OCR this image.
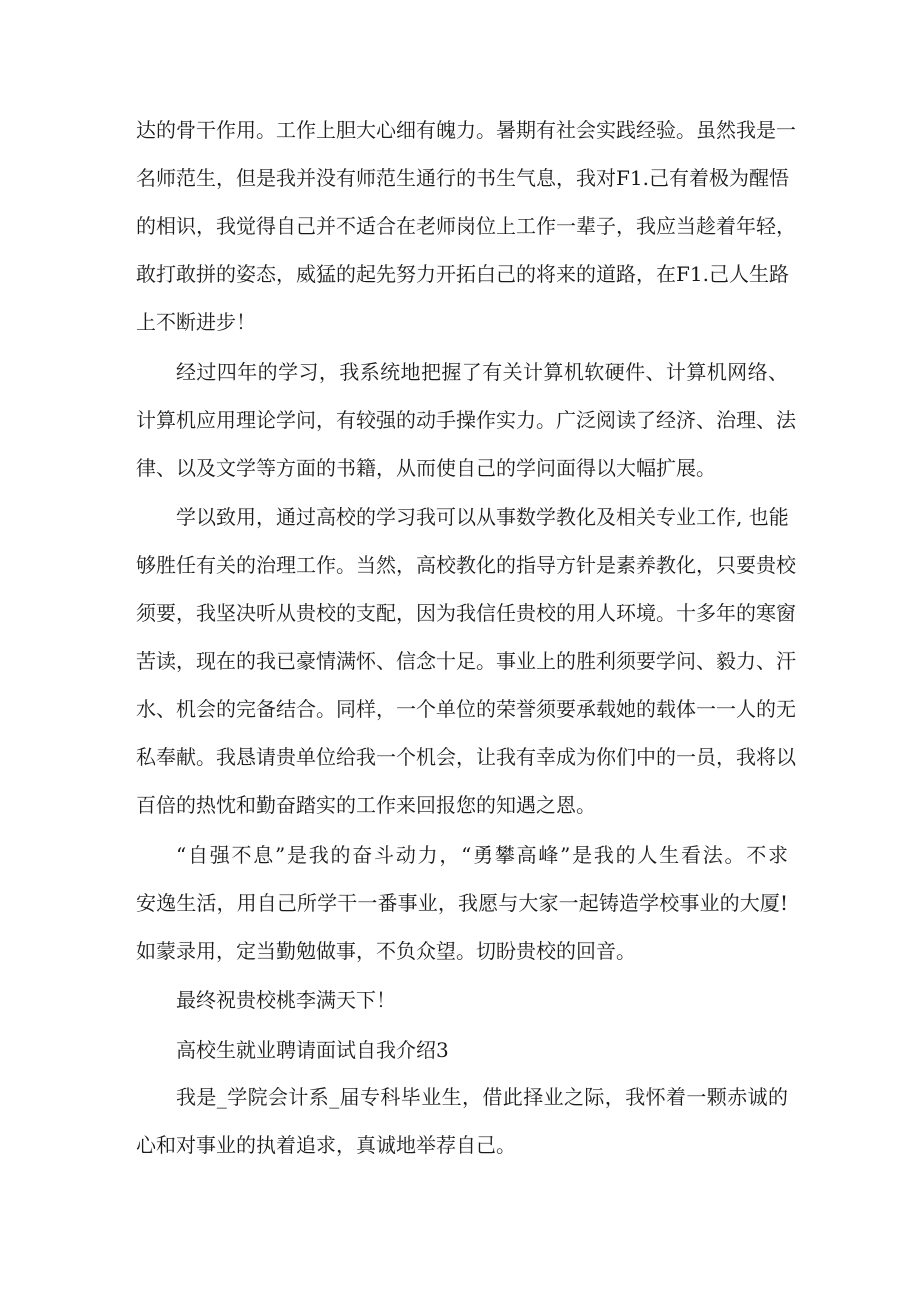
达的骨干作用。工作上胆大心细有魄力。暑期有社会实践经验。虽然我是一
名师范生，但是我并没有师范生通行的书生气息，我对F1.己有着极为醒悟
的相识，我觉得自己并不适合在老师岗位上工作一辈子，我应当趁着年轻，
敢打敢拼的姿态，威猛的起先努力开拓白己的将来的道路，在F1.己人生路
上不断进步！
经过四年的学习，我系统地把握了有关计算机软硬件、计算机网络、
计算机应用理论学问，有较强的动手操作实力。广泛阅读了经济、治理、法
律、以及文学等方面的书籍，从而使自己的学问面得以大幅扩展。
学以致用，通过高校的学习我可以从事数学教化及相关专业工作, 也能
够胜任有关的治理工作。当然，高校教化的指导方针是素养教化，只要贵校
须要，我坚决听从贵校的支配，因为我信任贵校的用人环境。十多年的寒窗
苦读，现在的我已豪情满怀、信念十足。事业上的胜利须要学问、毅力、汗
水、机会的完备结合。同样，一个单位的荣誉须要承载她的载体一一人的无
私奉献。我恳请贵单位给我一个机会，让我有幸成为你们中的一员，我将以
百倍的热忱和勤奋踏实的工作来回报您的知遇之恩。
“自强不息”是我的奋斗动力，“勇攀高峰”是我的人生看法。不求
安逸生活，用自己所学干一番事业，我愿与大家一起铸造学校事业的大厦!
如蒙录用，定当勤勉做事，不负众望。切盼贵校的回音。
最终祝贵校桃李满天下！
高校生就业聘请面试自我介绍3
我是_学院会计系_届专科毕业生，借此择业之际，我怀着一颗赤诚的
心和对事业的执着追求，真诚地举荐自己。
